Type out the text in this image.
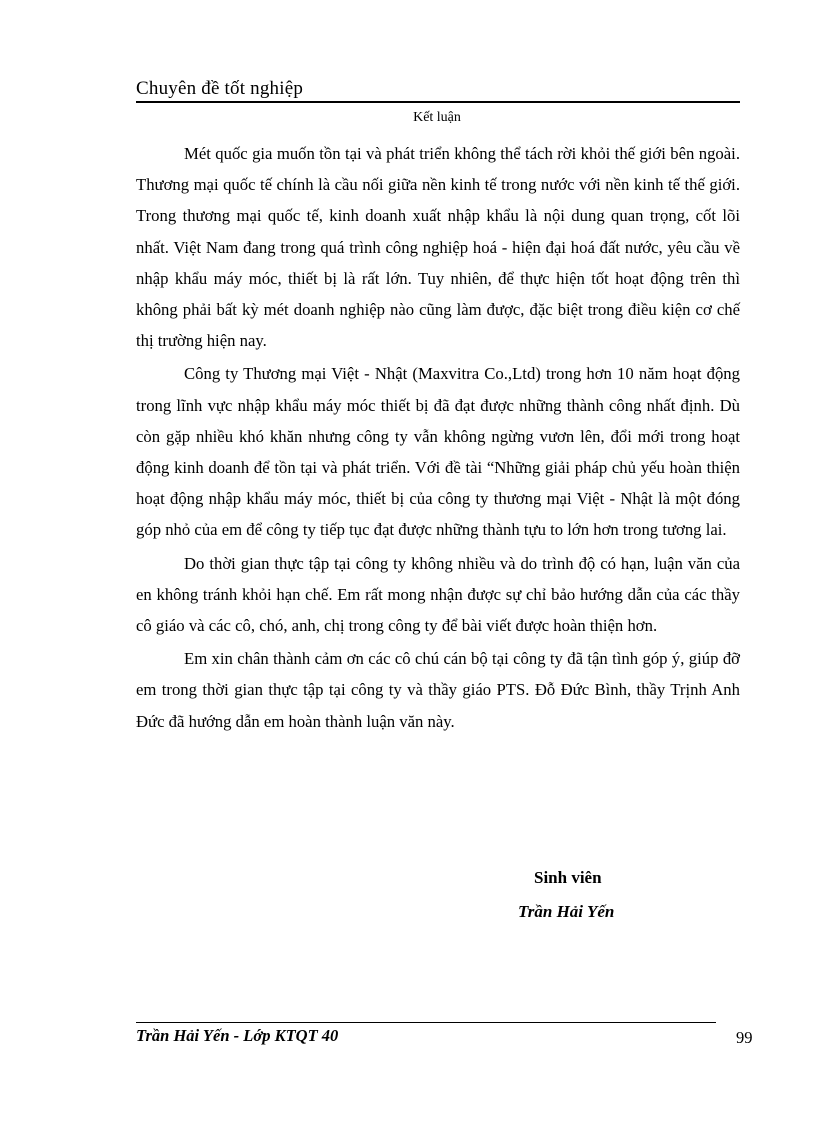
Chuyên đề tốt nghiệp
Kết luận

Mét quốc gia muốn tồn tại và phát triển không thể tách rời khỏi thế giới bên ngoài. Thương mại quốc tế chính là cầu nối giữa nền kinh tế trong nước với nền kinh tế thế giới. Trong thương mại quốc tế, kinh doanh xuất nhập khẩu là nội dung quan trọng, cốt lõi nhất. Việt Nam đang trong quá trình công nghiệp hoá - hiện đại hoá đất nước, yêu cầu về nhập khẩu máy móc, thiết bị là rất lớn. Tuy nhiên, để thực hiện tốt hoạt động trên thì không phải bất kỳ mét doanh nghiệp nào cũng làm được, đặc biệt trong điều kiện cơ chế thị trường hiện nay.

Công ty Thương mại Việt - Nhật (Maxvitra Co.,Ltd) trong hơn 10 năm hoạt động trong lĩnh vực nhập khẩu máy móc thiết bị đã đạt được những thành công nhất định. Dù còn gặp nhiều khó khăn nhưng công ty vẫn không ngừng vươn lên, đổi mới trong hoạt động kinh doanh để tồn tại và phát triển. Với đề tài “Những giải pháp chủ yếu hoàn thiện hoạt động nhập khẩu máy móc, thiết bị của công ty thương mại Việt - Nhật là một đóng góp nhỏ của em để công ty tiếp tục đạt được những thành tựu to lớn hơn trong tương lai.

Do thời gian thực tập tại công ty không nhiều và do trình độ có hạn, luận văn của en không tránh khỏi hạn chế. Em rất mong nhận được sự chỉ bảo hướng dẫn của các thầy cô giáo và các cô, chó, anh, chị trong công ty để bài viết được hoàn thiện hơn.

Em xin chân thành cảm ơn các cô chú cán bộ tại công ty đã tận tình góp ý, giúp đỡ em trong thời gian thực tập tại công ty và thầy giáo PTS. Đỗ Đức Bình, thầy Trịnh Anh Đức đã hướng dẫn em hoàn thành luận văn này.

Sinh viên
Trần Hải Yến
Trần Hải Yến - Lớp KTQT 40	99
